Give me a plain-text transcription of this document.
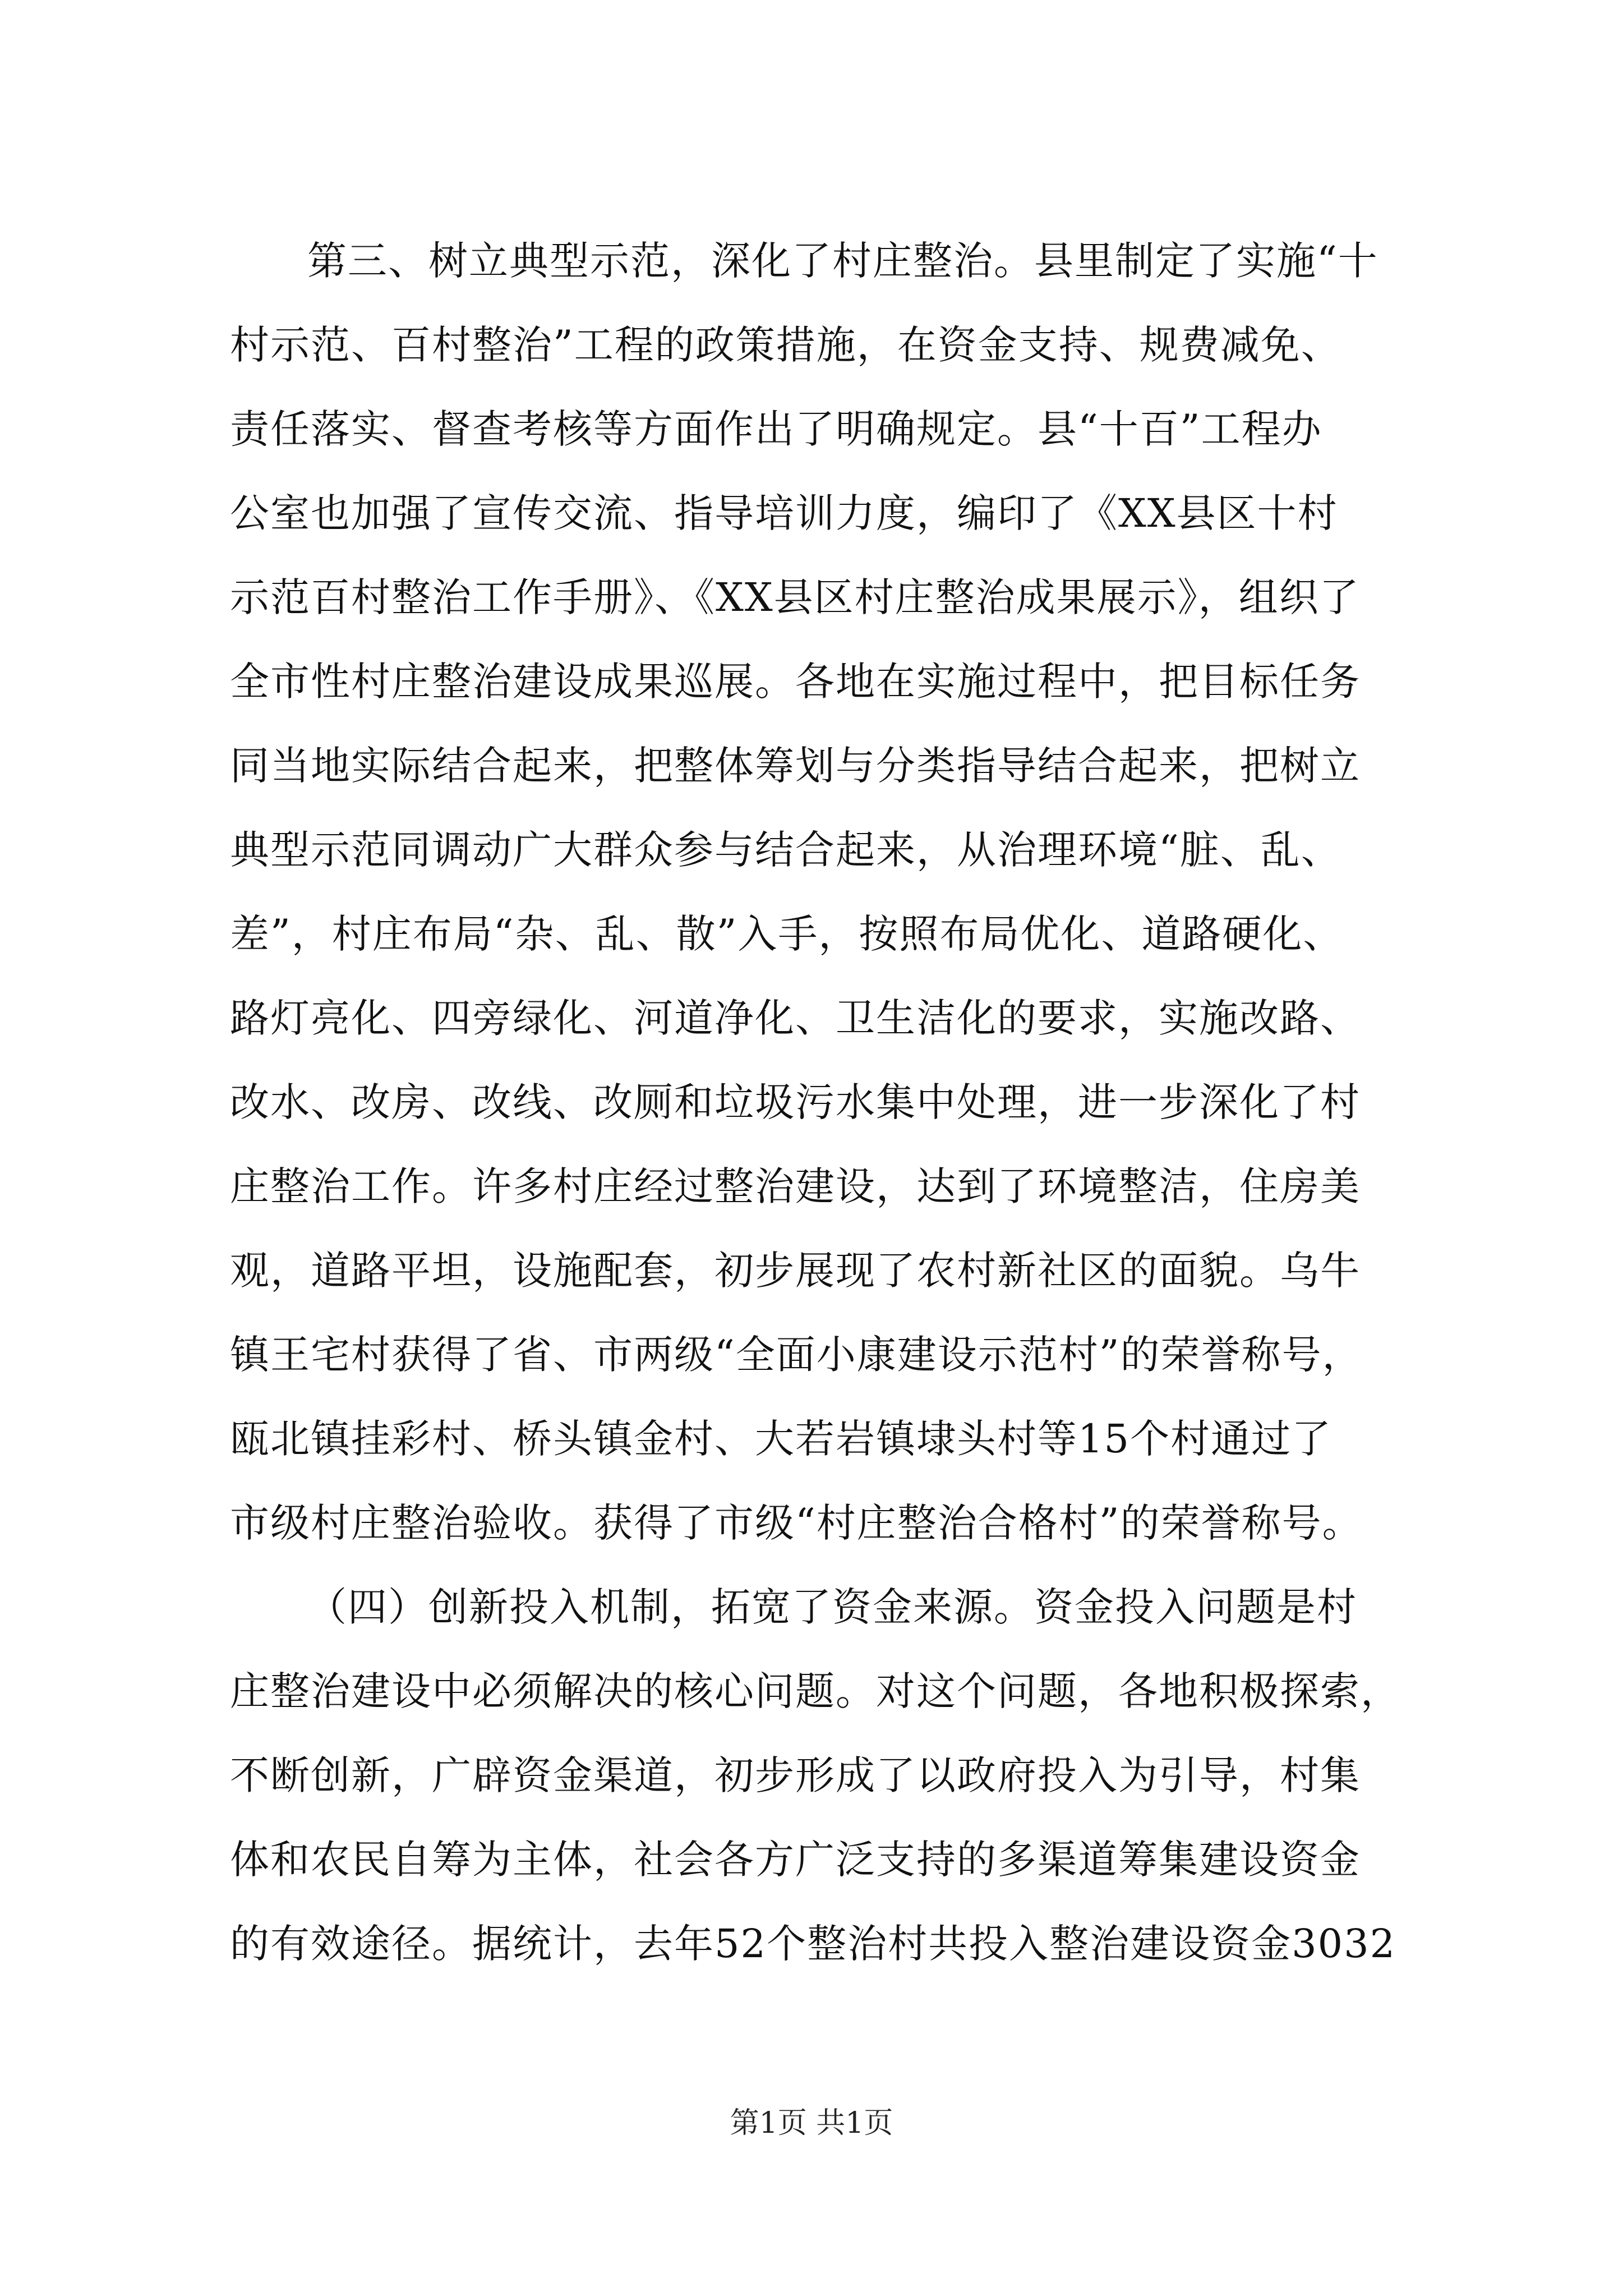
第三、树立典型示范，深化了村庄整治。县里制定了实施“十
村示范、百村整治”工程的政策措施，在资金支持、规费减免、
责任落实、督查考核等方面作出了明确规定。县“十百”工程办
公室也加强了宣传交流、指导培训力度，编印了《XX县区十村
示范百村整治工作手册》、《XX县区村庄整治成果展示》，组织了
全市性村庄整治建设成果巡展。各地在实施过程中，把目标任务
同当地实际结合起来，把整体筹划与分类指导结合起来，把树立
典型示范同调动广大群众参与结合起来，从治理环境“脏、乱、
差”，村庄布局“杂、乱、散”入手，按照布局优化、道路硬化、
路灯亮化、四旁绿化、河道净化、卫生洁化的要求，实施改路、
改水、改房、改线、改厕和垃圾污水集中处理，进一步深化了村
庄整治工作。许多村庄经过整治建设，达到了环境整洁，住房美
观，道路平坦，设施配套，初步展现了农村新社区的面貌。乌牛
镇王宅村获得了省、市两级“全面小康建设示范村”的荣誉称号，
瓯北镇挂彩村、桥头镇金村、大若岩镇埭头村等15个村通过了
市级村庄整治验收。获得了市级“村庄整治合格村”的荣誉称号。
（四）创新投入机制，拓宽了资金来源。资金投入问题是村
庄整治建设中必须解决的核心问题。对这个问题，各地积极探索，
不断创新，广辟资金渠道，初步形成了以政府投入为引导，村集
体和农民自筹为主体，社会各方广泛支持的多渠道筹集建设资金
的有效途径。据统计，去年52个整治村共投入整治建设资金3032
第1页 共1页
